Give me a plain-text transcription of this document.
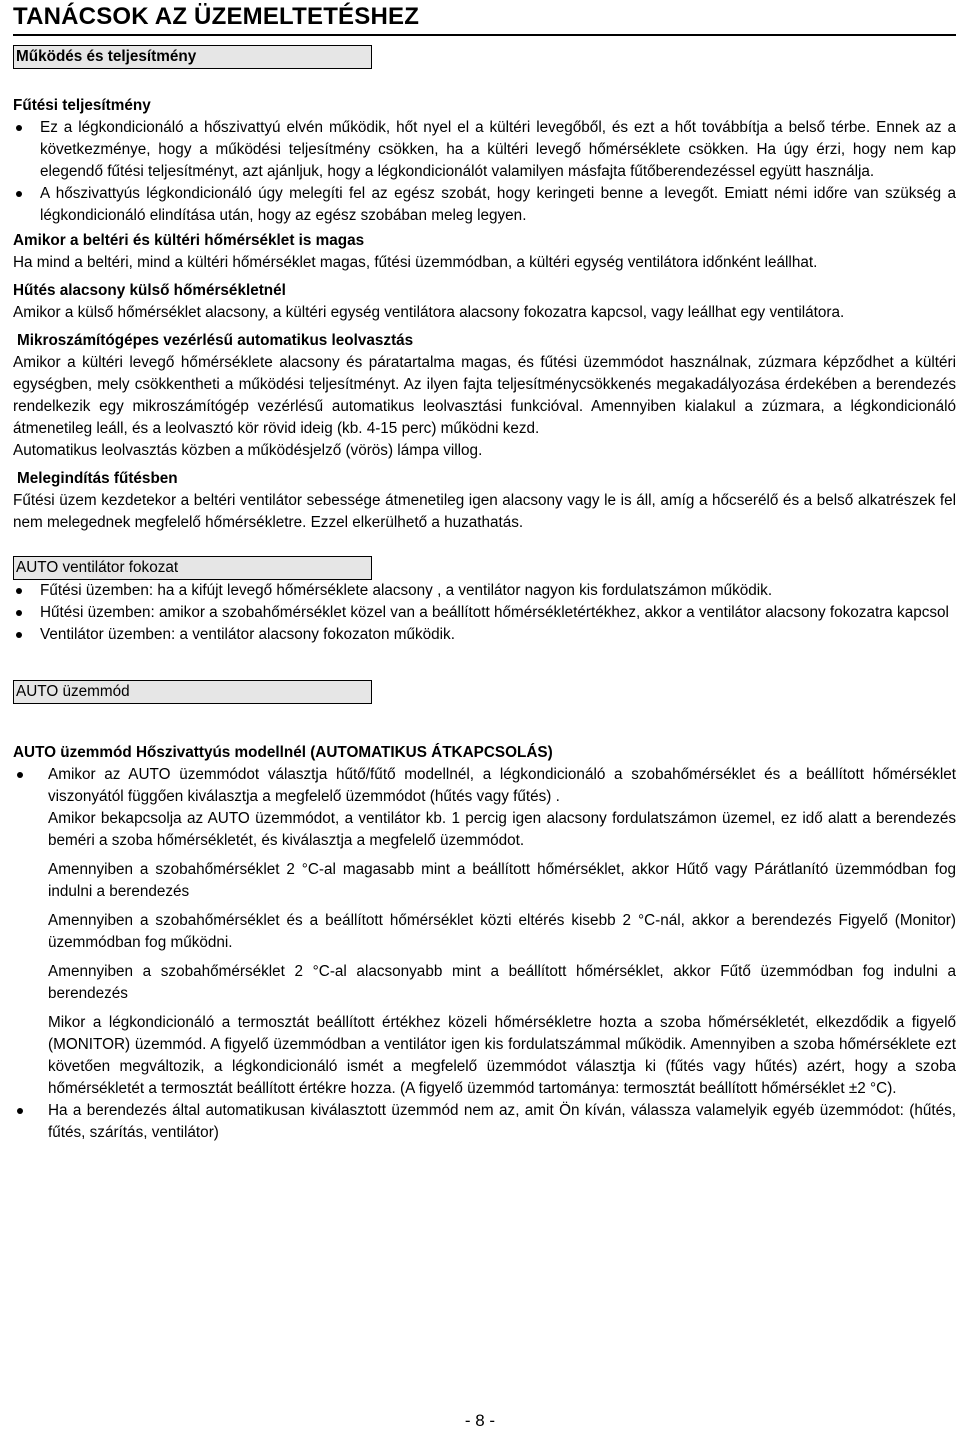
TANÁCSOK AZ ÜZEMELTETÉSHEZ
Működés és teljesítmény
Fűtési teljesítmény
Ez a légkondicionáló a hőszivattyú elvén működik, hőt nyel el a kültéri levegőből, és ezt a hőt továbbítja a belső térbe. Ennek az a következménye, hogy a működési teljesítmény csökken, ha a kültéri levegő hőmérséklete csökken. Ha úgy érzi, hogy nem kap elegendő fűtési teljesítményt, azt ajánljuk, hogy a légkondicionálót valamilyen másfajta fűtőberendezéssel együtt használja.
A hőszivattyús légkondicionáló úgy melegíti fel az egész szobát, hogy keringeti benne a levegőt. Emiatt némi időre van szükség a légkondicionáló elindítása után, hogy az egész szobában meleg legyen.
Amikor a beltéri és kültéri hőmérséklet is magas

Ha mind a beltéri, mind a kültéri hőmérséklet magas, fűtési üzemmódban, a kültéri egység ventilátora időnként leállhat.

Hűtés alacsony külső hőmérsékletnél

Amikor a külső hőmérséklet alacsony, a kültéri egység ventilátora alacsony fokozatra kapcsol, vagy leállhat egy ventilátora.

Mikroszámítógépes vezérlésű automatikus leolvasztás

Amikor a kültéri levegő hőmérséklete alacsony és páratartalma magas, és fűtési üzemmódot használnak, zúzmara képződhet a kültéri egységben, mely csökkentheti a működési teljesítményt. Az ilyen fajta teljesítménycsökkenés megakadályozása érdekében a berendezés rendelkezik egy mikroszámítógép vezérlésű automatikus leolvasztási funkcióval. Amennyiben kialakul a zúzmara, a légkondicionáló átmenetileg leáll, és a leolvasztó kör rövid ideig (kb. 4-15 perc) működni kezd.

Automatikus leolvasztás közben a működésjelző (vörös) lámpa villog.

Melegindítás fűtésben

Fűtési üzem kezdetekor a beltéri ventilátor sebessége átmenetileg igen alacsony vagy le is áll, amíg a hőcserélő és a belső alkatrészek fel nem melegednek megfelelő hőmérsékletre. Ezzel elkerülhető a huzathatás.

AUTO ventilátor fokozat
Fűtési üzemben: ha a kifújt levegő hőmérséklete alacsony , a ventilátor nagyon kis fordulatszámon működik.
Hűtési üzemben: amikor a szobahőmérséklet közel van a beállított hőmérsékletértékhez, akkor a ventilátor alacsony fokozatra kapcsol
Ventilátor üzemben: a ventilátor alacsony fokozaton működik.
AUTO üzemmód
AUTO üzemmód Hőszivattyús modellnél (AUTOMATIKUS ÁTKAPCSOLÁS)
Amikor az AUTO üzemmódot választja hűtő/fűtő modellnél, a légkondicionáló a szobahőmérséklet és a beállított hőmérséklet viszonyától függően kiválasztja a megfelelő üzemmódot (hűtés vagy fűtés) .

Amikor bekapcsolja az AUTO üzemmódot, a ventilátor kb. 1 percig igen alacsony fordulatszámon üzemel, ez idő alatt a berendezés beméri a szoba hőmérsékletét, és kiválasztja a megfelelő üzemmódot.

Amennyiben a szobahőmérséklet 2 °C-al magasabb mint a beállított hőmérséklet, akkor Hűtő vagy Párátlanító üzemmódban fog indulni a berendezés

Amennyiben a szobahőmérséklet és a beállított hőmérséklet közti eltérés kisebb 2 °C-nál, akkor a berendezés Figyelő (Monitor) üzemmódban fog működni.

Amennyiben a szobahőmérséklet 2 °C-al alacsonyabb mint a beállított hőmérséklet, akkor Fűtő üzemmódban fog indulni a berendezés

Mikor a légkondicionáló a termosztát beállított értékhez közeli hőmérsékletre hozta a szoba hőmérsékletét, elkezdődik a figyelő (MONITOR) üzemmód. A figyelő üzemmódban a ventilátor igen kis fordulatszámmal működik. Amennyiben a szoba hőmérséklete ezt követően megváltozik, a légkondicionáló ismét a megfelelő üzemmódot választja ki (fűtés vagy hűtés) azért, hogy a szoba hőmérsékletét a termosztát beállított értékre hozza. (A figyelő üzemmód tartománya: termosztát beállított hőmérséklet ±2 °C).

Ha a berendezés által automatikusan kiválasztott üzemmód nem az, amit Ön kíván, válassza valamelyik egyéb üzemmódot: (hűtés, fűtés, szárítás, ventilátor)
- 8 -
